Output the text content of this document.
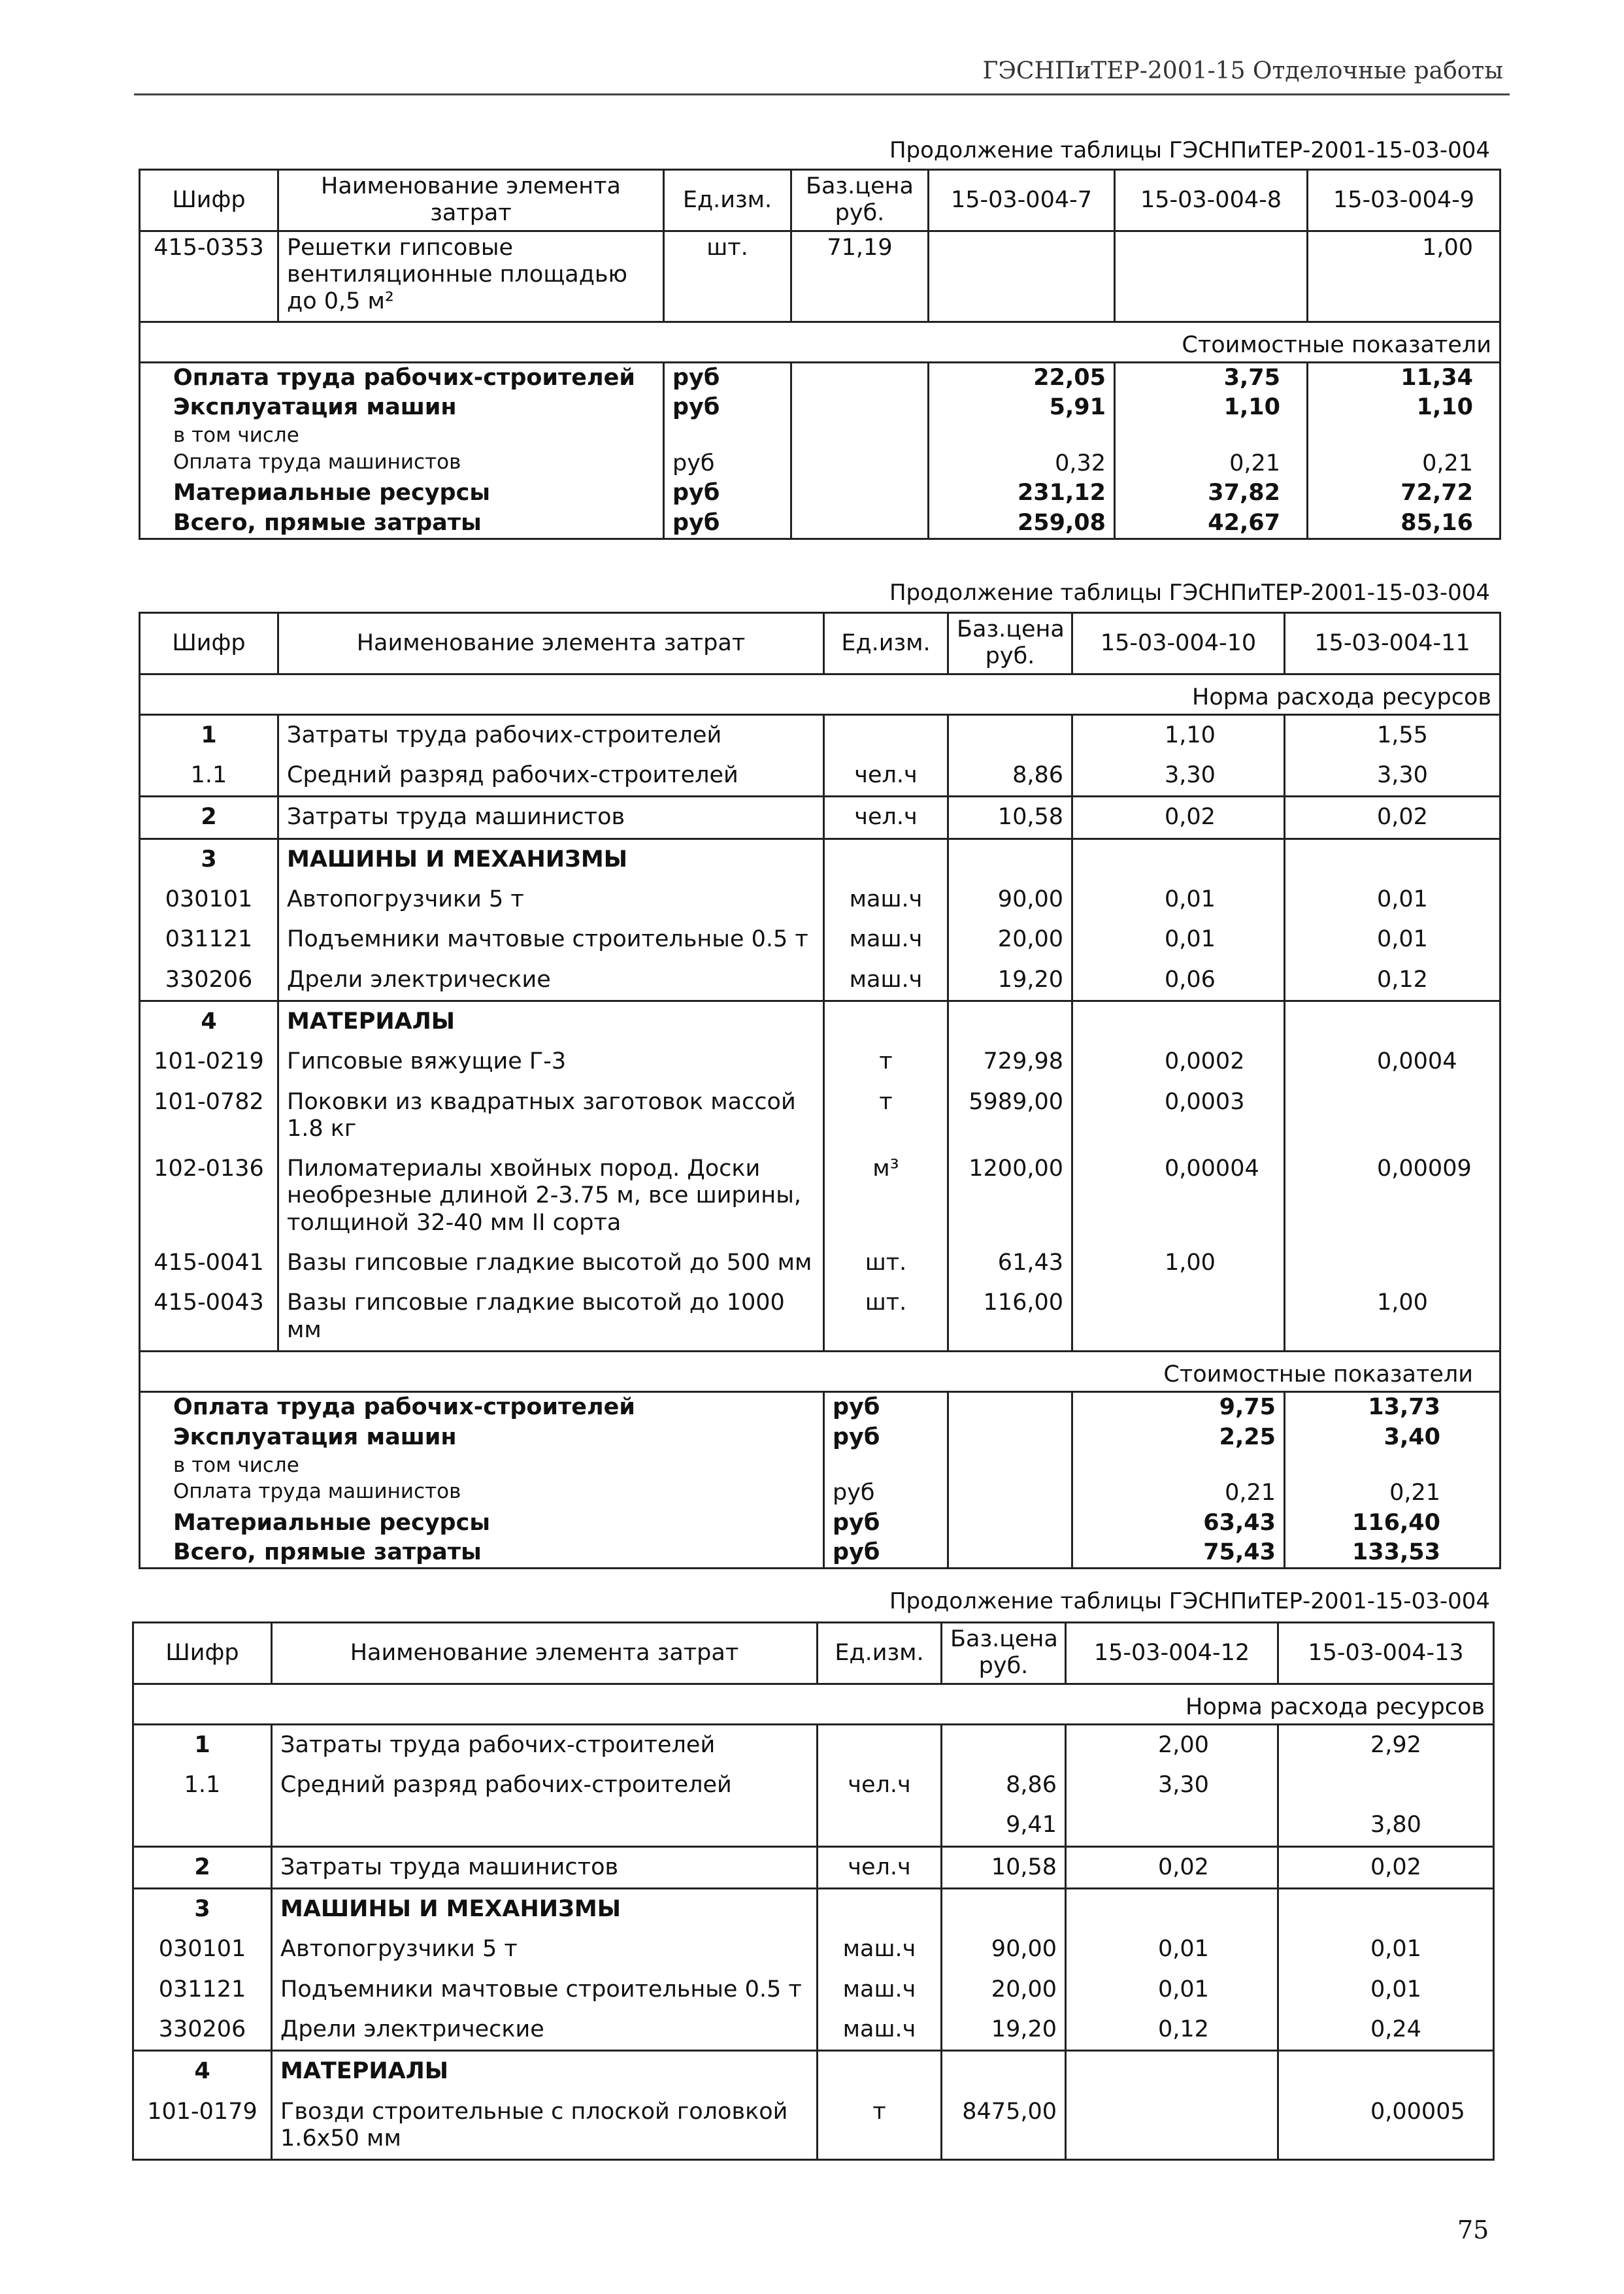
ГЭСНПиТЕР-2001-15 Отделочные работы
Продолжение таблицы ГЭСНПиТЕР-2001-15-03-004
Шифр	Наименование элемента затрат	Ед.изм.	Баз.цена руб.	15-03-004-7	15-03-004-8	15-03-004-9
415-0353	Решетки гипсовые вентиляционные площадью до 0,5 м²	шт.	71,19			1,00
Стоимостные показатели						
Оплата труда рабочих-строителей		руб		22,05	3,75	11,34
Эксплуатация машин		руб		5,91	1,10	1,10
в том числе						
Оплата труда машинистов		руб		0,32	0,21	0,21
Материальные ресурсы		руб		231,12	37,82	72,72
Всего, прямые затраты		руб		259,08	42,67	85,16
Продолжение таблицы ГЭСНПиТЕР-2001-15-03-004
Шифр	Наименование элемента затрат	Ед.изм.	Баз.цена руб.	15-03-004-10	15-03-004-11
Норма расхода ресурсов					
1	Затраты труда рабочих-строителей			1,10	1,55
1.1	Средний разряд рабочих-строителей	чел.ч	8,86	3,30	3,30
2	Затраты труда машинистов	чел.ч	10,58	0,02	0,02
3	МАШИНЫ И МЕХАНИЗМЫ				
030101	Автопогрузчики 5 т	маш.ч	90,00	0,01	0,01
031121	Подъемники мачтовые строительные 0.5 т	маш.ч	20,00	0,01	0,01
330206	Дрели электрические	маш.ч	19,20	0,06	0,12
4	МАТЕРИАЛЫ				
101-0219	Гипсовые вяжущие Г-3	т	729,98	0,0002	0,0004
101-0782	Поковки из квадратных заготовок массой 1.8 кг	т	5989,00	0,0003	
102-0136	Пиломатериалы хвойных пород. Доски необрезные длиной 2-3.75 м, все ширины, толщиной 32-40 мм II сорта	м³	1200,00	0,00004	0,00009
415-0041	Вазы гипсовые гладкие высотой до 500 мм	шт.	61,43	1,00	
415-0043	Вазы гипсовые гладкие высотой до 1000 мм	шт.	116,00		1,00
Стоимостные показатели					
Оплата труда рабочих-строителей		руб		9,75	13,73
Эксплуатация машин		руб		2,25	3,40
в том числе					
Оплата труда машинистов		руб		0,21	0,21
Материальные ресурсы		руб		63,43	116,40
Всего, прямые затраты		руб		75,43	133,53
Продолжение таблицы ГЭСНПиТЕР-2001-15-03-004
Шифр	Наименование элемента затрат	Ед.изм.	Баз.цена руб.	15-03-004-12	15-03-004-13
Норма расхода ресурсов					
1	Затраты труда рабочих-строителей			2,00	2,92
1.1	Средний разряд рабочих-строителей	чел.ч	8,86	3,30	
			9,41		3,80
2	Затраты труда машинистов	чел.ч	10,58	0,02	0,02
3	МАШИНЫ И МЕХАНИЗМЫ				
030101	Автопогрузчики 5 т	маш.ч	90,00	0,01	0,01
031121	Подъемники мачтовые строительные 0.5 т	маш.ч	20,00	0,01	0,01
330206	Дрели электрические	маш.ч	19,20	0,12	0,24
4	МАТЕРИАЛЫ				
101-0179	Гвозди строительные с плоской головкой 1.6х50 мм	т	8475,00		0,00005
75
